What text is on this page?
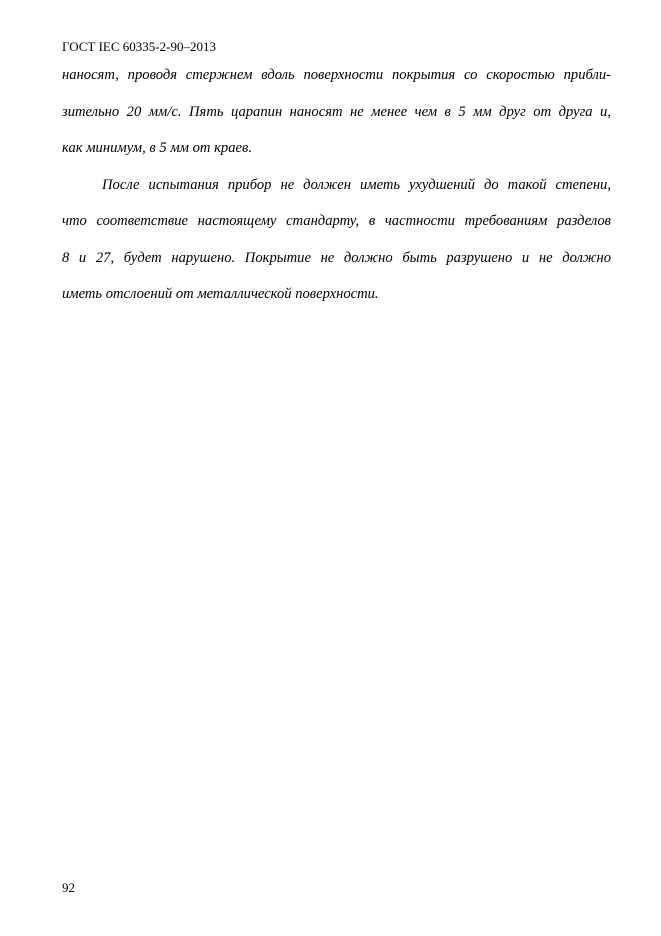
ГОСТ IEC 60335-2-90–2013
наносят, проводя стержнем вдоль поверхности покрытия со скоростью прибли-
зительно 20 мм/с. Пять царапин наносят не менее чем в 5 мм друг от друга и,
как минимум, в 5 мм от краев.
После испытания прибор не должен иметь ухудшений до такой степени,
что соответствие настоящему стандарту, в частности требованиям разделов
8 и 27, будет нарушено. Покрытие не должно быть разрушено и не должно
иметь отслоений от металлической поверхности.
92
